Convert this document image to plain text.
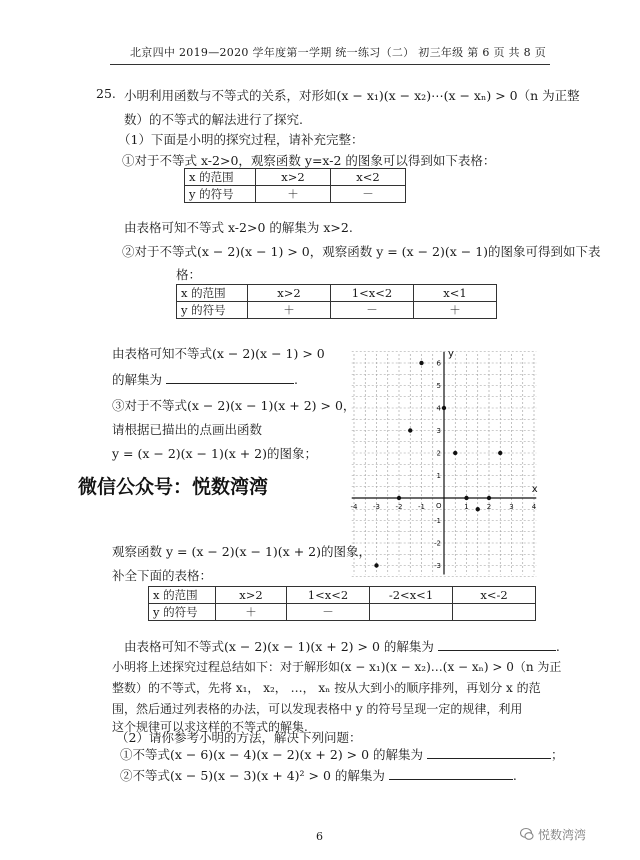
北京四中 2019—2020 学年度第一学期 统一练习（二） 初三年级 第 6 页 共 8 页
25. 小明利用函数与不等式的关系，对形如(x − x₁)(x − x₂)⋯(x − xₙ) > 0（n 为正整
数）的不等式的解法进行了探究.
（1）下面是小明的探究过程，请补充完整：
①对于不等式 x-2>0，观察函数 y=x-2 的图象可以得到如下表格：
x 的范围	x>2	x<2
y 的符号	＋	－
由表格可知不等式 x-2>0 的解集为 x>2.
②对于不等式(x − 2)(x − 1) > 0，观察函数 y = (x − 2)(x − 1)的图象可得到如下表
格：
x 的范围	x>2	1<x<2	x<1
y 的符号	＋	－	＋
由表格可知不等式(x − 2)(x − 1) > 0
的解集为	.
③对于不等式(x − 2)(x − 1)(x + 2) > 0，
请根据已描出的点画出函数
y = (x − 2)(x − 1)(x + 2)的图象；
微信公众号：悦数湾湾	x
y
O
-4 -3 -2 -1	1	2	3	4
-3
-2
-1
1
2
3
4
5
6
观察函数 y = (x − 2)(x − 1)(x + 2)的图象，
补全下面的表格：
x 的范围	x>2	1<x<2	-2<x<1	x<-2
y 的符号	＋	－		
由表格可知不等式(x − 2)(x − 1)(x + 2) > 0 的解集为	.
小明将上述探究过程总结如下：对于解形如(x − x₁)(x − x₂)…(x − xₙ) > 0（n 为正
整数）的不等式，先将 x₁， x₂， …， xₙ 按从大到小的顺序排列，再划分 x 的范
围，然后通过列表格的办法，可以发现表格中 y 的符号呈现一定的规律，利用
这个规律可以求这样的不等式的解集.
（2）请你参考小明的方法，解决下列问题：
①不等式(x − 6)(x − 4)(x − 2)(x + 2) > 0 的解集为	；
②不等式(x − 5)(x − 3)(x + 4)² > 0 的解集为	.
6	悦数湾湾
